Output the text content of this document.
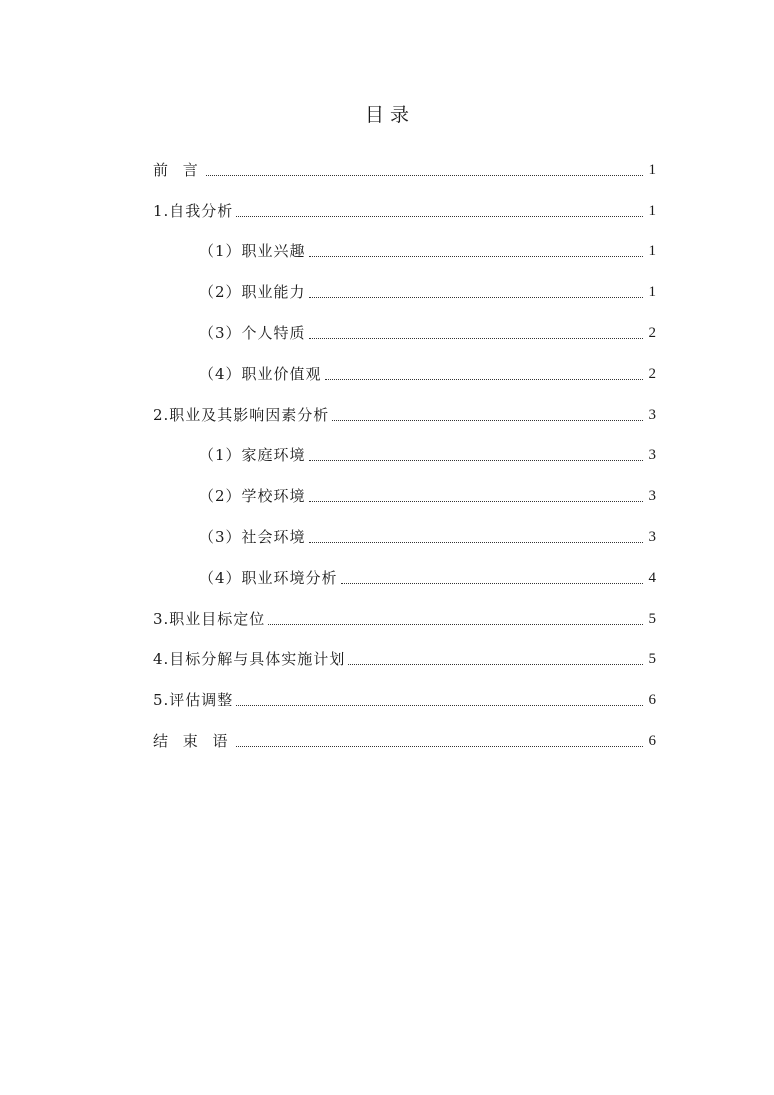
目录
前 言	1
1.自我分析	1
（1）职业兴趣	1
（2）职业能力	1
（3）个人特质	2
（4）职业价值观	2
2.职业及其影响因素分析	3
（1）家庭环境	3
（2）学校环境	3
（3）社会环境	3
（4）职业环境分析	4
3.职业目标定位	5
4.目标分解与具体实施计划	5
5.评估调整	6
结 束 语	6
